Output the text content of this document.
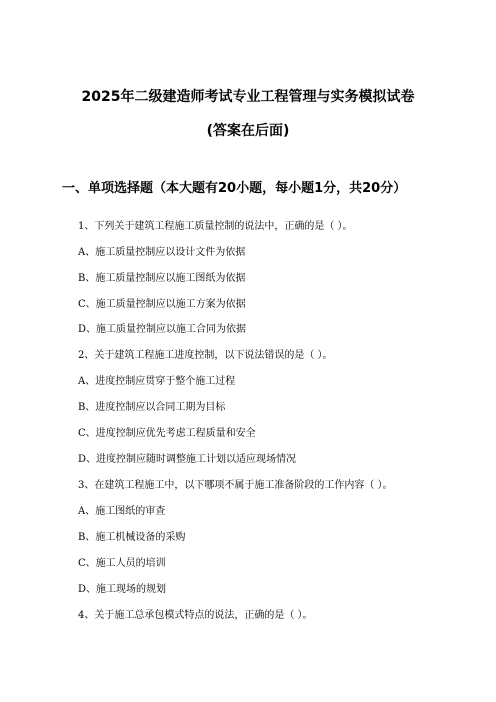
2025年二级建造师考试专业工程管理与实务模拟试卷
(答案在后面)
一、单项选择题（本大题有20小题，每小题1分，共20分）
1、下列关于建筑工程施工质量控制的说法中，正确的是（ ）。
A、施工质量控制应以设计文件为依据
B、施工质量控制应以施工图纸为依据
C、施工质量控制应以施工方案为依据
D、施工质量控制应以施工合同为依据
2、关于建筑工程施工进度控制，以下说法错误的是（ ）。
A、进度控制应贯穿于整个施工过程
B、进度控制应以合同工期为目标
C、进度控制应优先考虑工程质量和安全
D、进度控制应随时调整施工计划以适应现场情况
3、在建筑工程施工中，以下哪项不属于施工准备阶段的工作内容（ ）。
A、施工图纸的审查
B、施工机械设备的采购
C、施工人员的培训
D、施工现场的规划
4、关于施工总承包模式特点的说法，正确的是（ ）。
